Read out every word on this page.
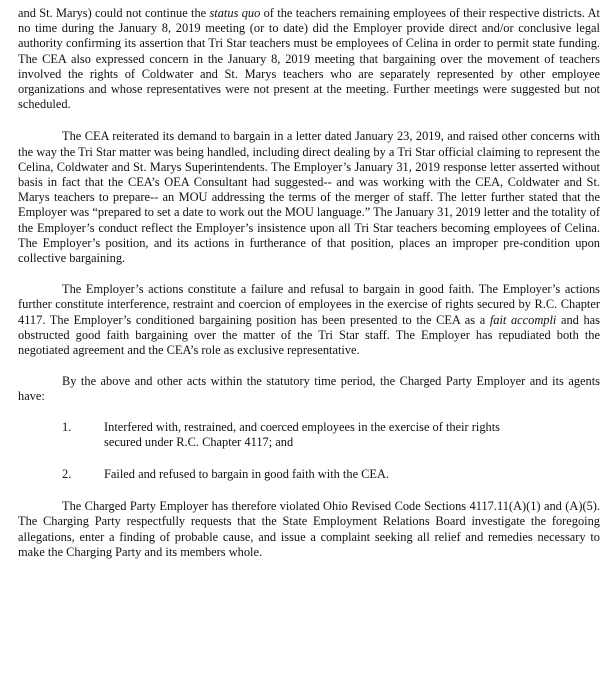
and St. Marys) could not continue the status quo of the teachers remaining employees of their respective districts. At no time during the January 8, 2019 meeting (or to date) did the Employer provide direct and/or conclusive legal authority confirming its assertion that Tri Star teachers must be employees of Celina in order to permit state funding. The CEA also expressed concern in the January 8, 2019 meeting that bargaining over the movement of teachers involved the rights of Coldwater and St. Marys teachers who are separately represented by other employee organizations and whose representatives were not present at the meeting. Further meetings were suggested but not scheduled.

The CEA reiterated its demand to bargain in a letter dated January 23, 2019, and raised other concerns with the way the Tri Star matter was being handled, including direct dealing by a Tri Star official claiming to represent the Celina, Coldwater and St. Marys Superintendents. The Employer’s January 31, 2019 response letter asserted without basis in fact that the CEA’s OEA Consultant had suggested-- and was working with the CEA, Coldwater and St. Marys teachers to prepare-- an MOU addressing the terms of the merger of staff. The letter further stated that the Employer was “prepared to set a date to work out the MOU language.” The January 31, 2019 letter and the totality of the Employer’s conduct reflect the Employer’s insistence upon all Tri Star teachers becoming employees of Celina. The Employer’s position, and its actions in furtherance of that position, places an improper pre-condition upon collective bargaining.

The Employer’s actions constitute a failure and refusal to bargain in good faith. The Employer’s actions further constitute interference, restraint and coercion of employees in the exercise of rights secured by R.C. Chapter 4117. The Employer’s conditioned bargaining position has been presented to the CEA as a fait accompli and has obstructed good faith bargaining over the matter of the Tri Star staff. The Employer has repudiated both the negotiated agreement and the CEA’s role as exclusive representative.

By the above and other acts within the statutory time period, the Charged Party Employer and its agents have:

1.	Interfered with, restrained, and coerced employees in the exercise of their rights secured under R.C. Chapter 4117; and
2.	Failed and refused to bargain in good faith with the CEA.

The Charged Party Employer has therefore violated Ohio Revised Code Sections 4117.11(A)(1) and (A)(5). The Charging Party respectfully requests that the State Employment Relations Board investigate the foregoing allegations, enter a finding of probable cause, and issue a complaint seeking all relief and remedies necessary to make the Charging Party and its members whole.
